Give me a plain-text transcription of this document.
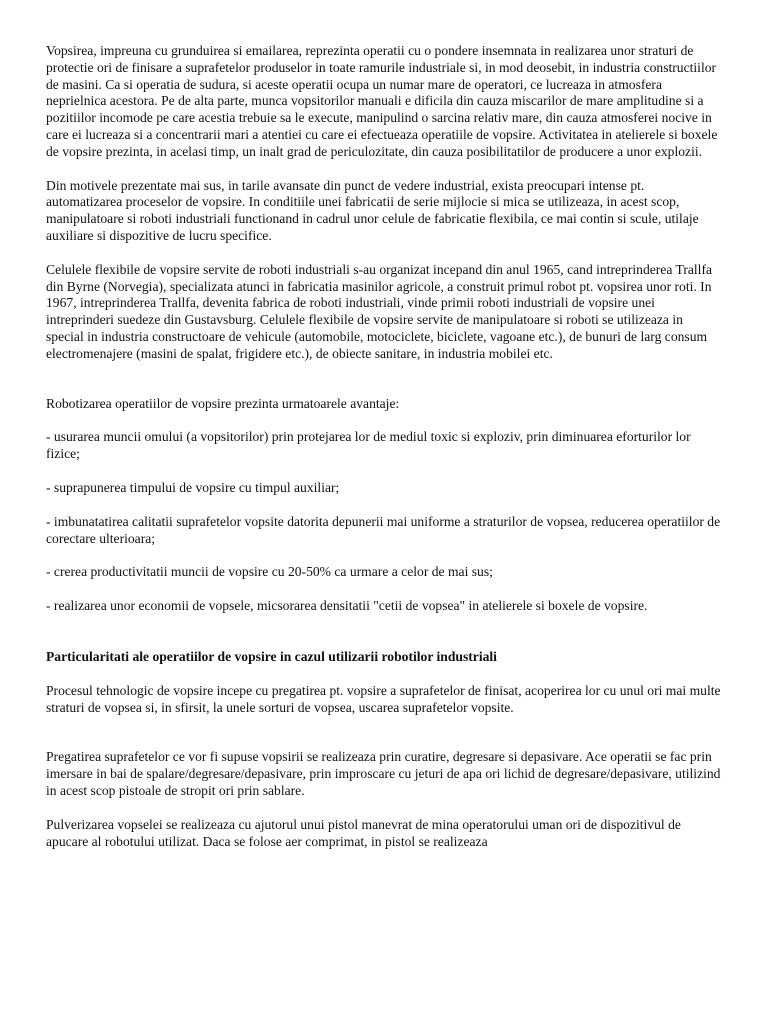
Vopsirea, impreuna cu grunduirea si emailarea, reprezinta operatii cu o pondere insemnata in realizarea unor straturi de protectie ori de finisare a suprafetelor produselor in toate ramurile industriale si, in mod deosebit, in industria constructiilor de masini. Ca si operatia de sudura, si aceste operatii ocupa un numar mare de operatori, ce lucreaza in atmosfera neprielnica acestora. Pe de alta parte, munca vopsitorilor manuali e dificila din cauza miscarilor de mare amplitudine si a pozitiilor incomode pe care acestia trebuie sa le execute, manipulind o sarcina relativ mare, din cauza atmosferei nocive in care ei lucreaza si a concentrarii mari a atentiei cu care ei efectueaza operatiile de vopsire. Activitatea in atelierele si boxele de vopsire prezinta, in acelasi timp, un inalt grad de periculozitate, din cauza posibilitatilor de producere a unor explozii.

Din motivele prezentate mai sus, in tarile avansate din punct de vedere industrial, exista preocupari intense pt. automatizarea proceselor de vopsire. In conditiile unei fabricatii de serie mijlocie si mica se utilizeaza, in acest scop, manipulatoare si roboti industriali functionand in cadrul unor celule de fabricatie flexibila, ce mai contin si scule, utilaje auxiliare si dispozitive de lucru specifice.

Celulele flexibile de vopsire servite de roboti industriali s-au organizat incepand din anul 1965, cand intreprinderea Trallfa din Byrne (Norvegia), specializata atunci in fabricatia masinilor agricole, a construit primul robot pt. vopsirea unor roti. In 1967, intreprinderea Trallfa, devenita fabrica de roboti industriali, vinde primii roboti industriali de vopsire unei intreprinderi suedeze din Gustavsburg. Celulele flexibile de vopsire servite de manipulatoare si roboti se utilizeaza in special in industria constructoare de vehicule (automobile, motociclete, biciclete, vagoane etc.), de bunuri de larg consum electromenajere (masini de spalat, frigidere etc.), de obiecte sanitare, in industria mobilei etc.

Robotizarea operatiilor de vopsire prezinta urmatoarele avantaje:

- usurarea muncii omului (a vopsitorilor) prin protejarea lor de mediul toxic si exploziv, prin diminuarea eforturilor lor fizice;

- suprapunerea timpului de vopsire cu timpul auxiliar;

- imbunatatirea calitatii suprafetelor vopsite datorita depunerii mai uniforme a straturilor de vopsea, reducerea operatiilor de corectare ulterioara;

- crerea productivitatii muncii de vopsire cu 20-50% ca urmare a celor de mai sus;

- realizarea unor economii de vopsele, micsorarea densitatii "cetii de vopsea" in atelierele si boxele de vopsire.

Particularitati ale operatiilor de vopsire in cazul utilizarii robotilor industriali

Procesul tehnologic de vopsire incepe cu pregatirea pt. vopsire a suprafetelor de finisat, acoperirea lor cu unul ori mai multe straturi de vopsea si, in sfirsit, la unele sorturi de vopsea, uscarea suprafetelor vopsite.

Pregatirea suprafetelor ce vor fi supuse vopsirii se realizeaza prin curatire, degresare si depasivare. Ace operatii se fac prin imersare in bai de spalare/degresare/depasivare, prin improscare cu jeturi de apa ori lichid de degresare/depasivare, utilizind in acest scop pistoale de stropit ori prin sablare.

Pulverizarea vopselei se realizeaza cu ajutorul unui pistol manevrat de mina operatorului uman ori de dispozitivul de apucare al robotului utilizat. Daca se folose aer comprimat, in pistol se realizeaza
